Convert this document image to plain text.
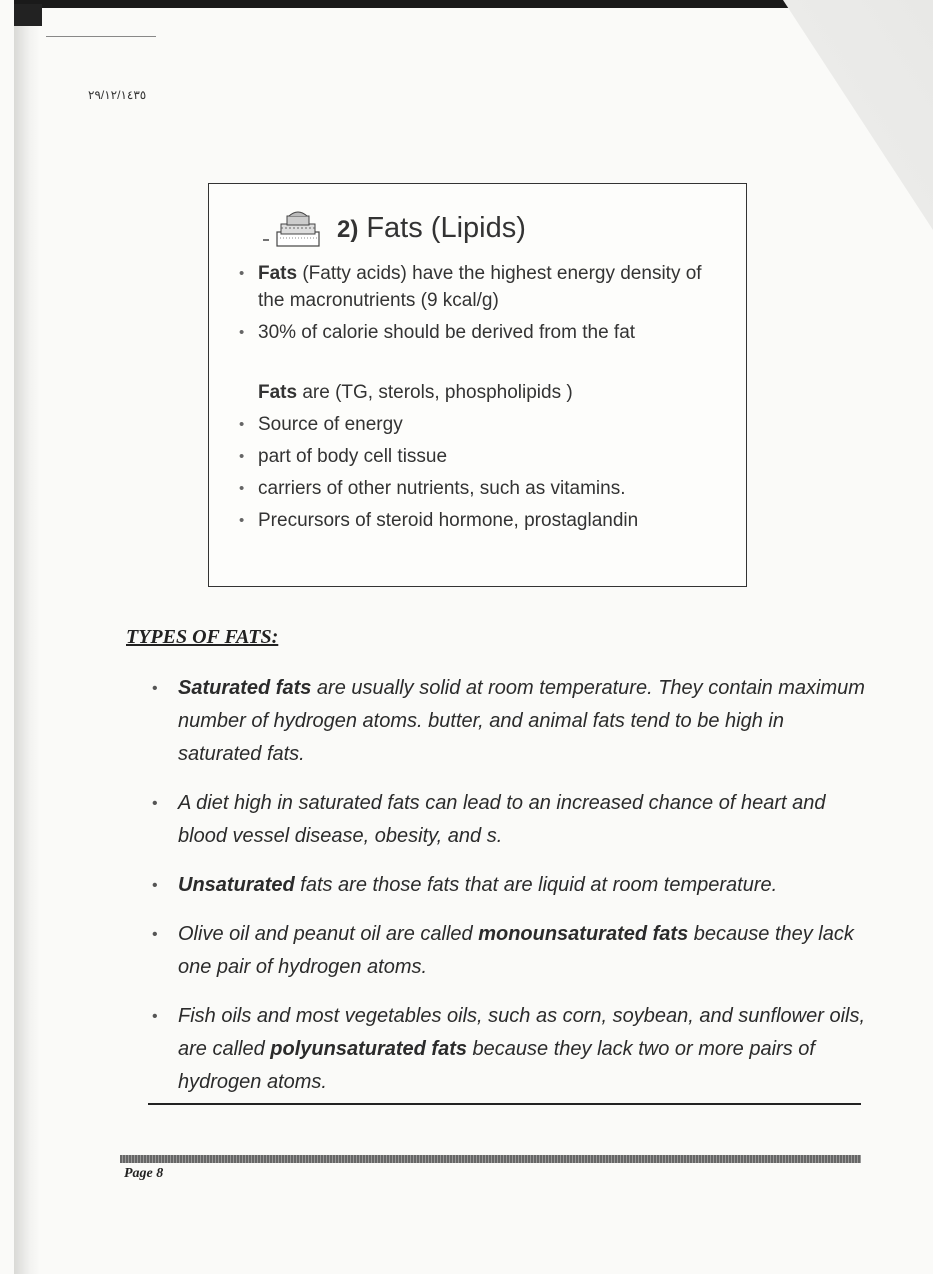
٢٩/١٢/١٤٣٥
2) Fats (Lipids)
• Fats (Fatty acids) have the highest energy density of the macronutrients (9 kcal/g)
• 30% of calorie should be derived from the fat
Fats are (TG, sterols, phospholipids )
• Source of energy
• part of body cell tissue
• carriers of other nutrients, such as vitamins.
• Precursors of steroid hormone, prostaglandin
TYPES OF FATS:
• Saturated fats are usually solid at room temperature. They contain maximum number of hydrogen atoms. butter, and animal fats tend to be high in saturated fats.
• A diet high in saturated fats can lead to an increased chance of heart and blood vessel disease, obesity, and s.
• Unsaturated fats are those fats that are liquid at room temperature.
• Olive oil and peanut oil are called monounsaturated fats because they lack one pair of hydrogen atoms.
• Fish oils and most vegetables oils, such as corn, soybean, and sunflower oils, are called polyunsaturated fats because they lack two or more pairs of hydrogen atoms.
Page 8
